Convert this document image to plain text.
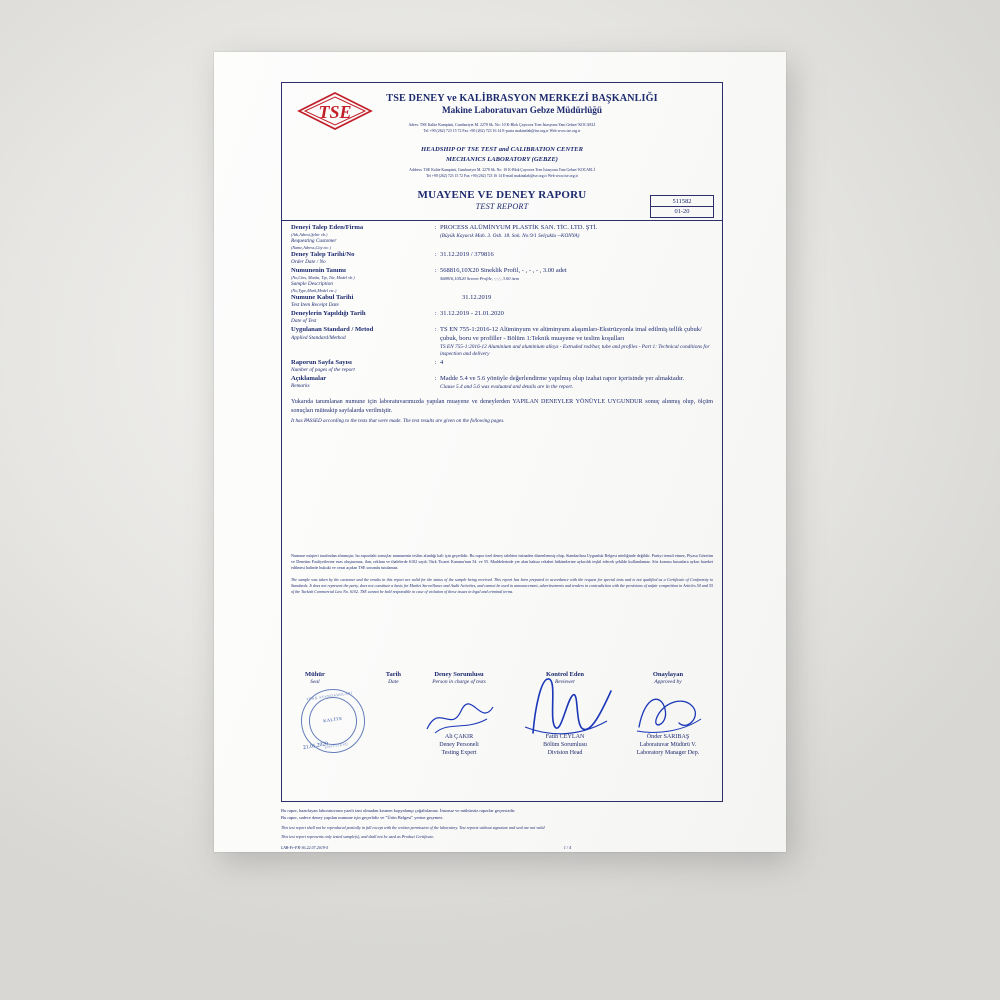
TSE
TSE DENEY ve KALİBRASYON MERKEZİ BAŞKANLIĞI
Makine Laboratuvarı Gebze Müdürlüğü
Adres: TSE Kalite Kampüsü, Cumhuriyet M. 2278 Sk. No: 10 K-Blok Çayırova Tren İstasyonu Yanı Gebze/ KOCAELİ
Tel +90 (262) 723 15 72 Fax +90 (262) 723 16 14 E-posta makinelab@tse.org.tr Web www.tse.org.tr
HEADSHIP OF TSE TEST and CALIBRATION CENTER
MECHANICS LABORATORY (GEBZE)
Address: TSE Kalite Kampüsü, Cumhuriyet M. 2278 Sk. No: 10 K-Blok Çayırova Tren İstasyonu Yanı Gebze/ KOCAELİ
Tel +90 (262) 723 15 72 Fax +90 (262) 723 16 14 E-mail makinalab@tse.org.tr Web www.tse.org.tr
MUAYENE VE DENEY RAPORU
TEST REPORT
511582
01-20
Deneyi Talep Eden/Firma
(Adı,Adresi,Şehir vb.)
Requesting Customer
(Name,Adress,City etc.)
: PROCESS ALÜMİNYUM PLASTİK SAN. TİC. LTD. ŞTİ.
(Büyük Kayacık Mah. 3. Osb. 18. Sok. No:9/1 Selçuklu --KONYA)
Deney Talep Tarihi/No
Order Date / No
: 31.12.2019 / 379816
Numunenin Tanımı
(No,Cins, Marka, Tip, Tür, Model vb.)
Sample Description
(No,Type,Mark,Model etc.)
: 568816,10X20 Sineklik Profil, - , - , - , 3.00 adet
568816,10X20 Screen Profile, -,-,-, 3.00 item
Numune Kabul Tarihi
Test Item Receipt Date
31.12.2019
Deneylerin Yapıldığı Tarih
Date of Test
: 31.12.2019 - 21.01.2020
Uygulanan Standard / Metod
Applied Standard/Method
: TS EN 755-1:2016-12 Alüminyum ve alüminyum alaşımları-Ekstrüzyonla imal edilmiş tellik çubuk/çubuk, boru ve profiller - Bölüm 1:Teknik muayene ve teslim koşulları
TS EN 755-1:2016-12 Aluminium and aluminium alloys - Extruded rod/bar, tube and profiles - Part 1: Technical conditions for inspection and delivery
Raporun Sayfa Sayısı
Number of pages of the report
: 4
Açıklamalar
Remarks
: Madde 5.4 ve 5.6 yönüyle değerlendirme yapılmış olup izahat rapor içerisinde yer almaktadır.
Clause 5.4 and 5.6 was evaluated and details are in the report.
Yukarıda tanımlanan numune için laboratuvarımızda yapılan muayene ve deneylerden YAPILAN DENEYLER YÖNÜYLE UYGUNDUR sonuç alınmış olup, ölçüm sonuçları müteakip sayfalarda verilmiştir.
It has PASSED according to the tests that were made. The test results are given on the following pages.
Numune müşteri tarafından alınmıştır, bu rapordaki sonuçlar numunenin teslim alındığı hali için geçerlidir. Bu rapor özel deney talebine istinaden düzenlenmiş olup, Standartlara Uygunluk Belgesi niteliğinde değildir. Partiyi temsil etmez, Piyasa Gözetim ve Denetim Faaliyetlerine esas oluşturmaz, ilan, reklam ve ihalelerde 6102 sayılı Türk Ticaret Kanunu'nun 54. ve 55. Maddelerinde yer alan haksız rekabet hükümlerine aykırılık teşkil edecek şekilde kullanılamaz. Söz konusu hususlara aykırı hareket edilmesi halinde hukuki ve cezai açıdan TSE sorumlu tutulamaz.
The sample was taken by the customer and the results in this report are valid for the status of the sample being received. This report has been prepared in accordance with the request for special tests and is not qualified as a Certificate of Conformity to Standards. It does not represent the party, does not constitute a basis for Market Surveillance and Audit Activities, and cannot be used in announcement, advertisements and tenders in contradiction with the provisions of unfair competition in Articles 54 and 55 of the Turkish Commercial Law No. 6102. TSE cannot be held responsible in case of violation of these issues in legal and criminal terms.
Mühür
Seal
Tarih
Date
TÜRK STANDARDLARI
KALİTE
ENSTİTÜSÜ
21.01.2020
Deney Sorumlusu
Person in charge of tests
Ali ÇAKIR
Deney Personeli
Testing Expert
Kontrol Eden
Reviewer
Fatih CEYLAN
Bölüm Sorumlusu
Division Head
Onaylayan
Approved by
Önder SARIBAŞ
Laboratuvar Müdürü V.
Laboratory Manager Dep.
Bu rapor, hazırlayan laboratuvarın yazılı izni olmadan kısmen kopyalanıp çoğaltılamaz. İmzasız ve mühürsüz raporlar geçersizdir.
Bu rapor, sadece deney yapılan numune için geçerlidir ve "Ürün Belgesi" yerine geçemez.
This test report shall not be reproduced partially in full except with the written permission of the laboratory. Test reports without signature and seal are not valid
This test report represents only tested sample(s), and shall not be used as Product Certificate.
LAB-Fr-FR-36.22.07.2019-5	1 / 4
